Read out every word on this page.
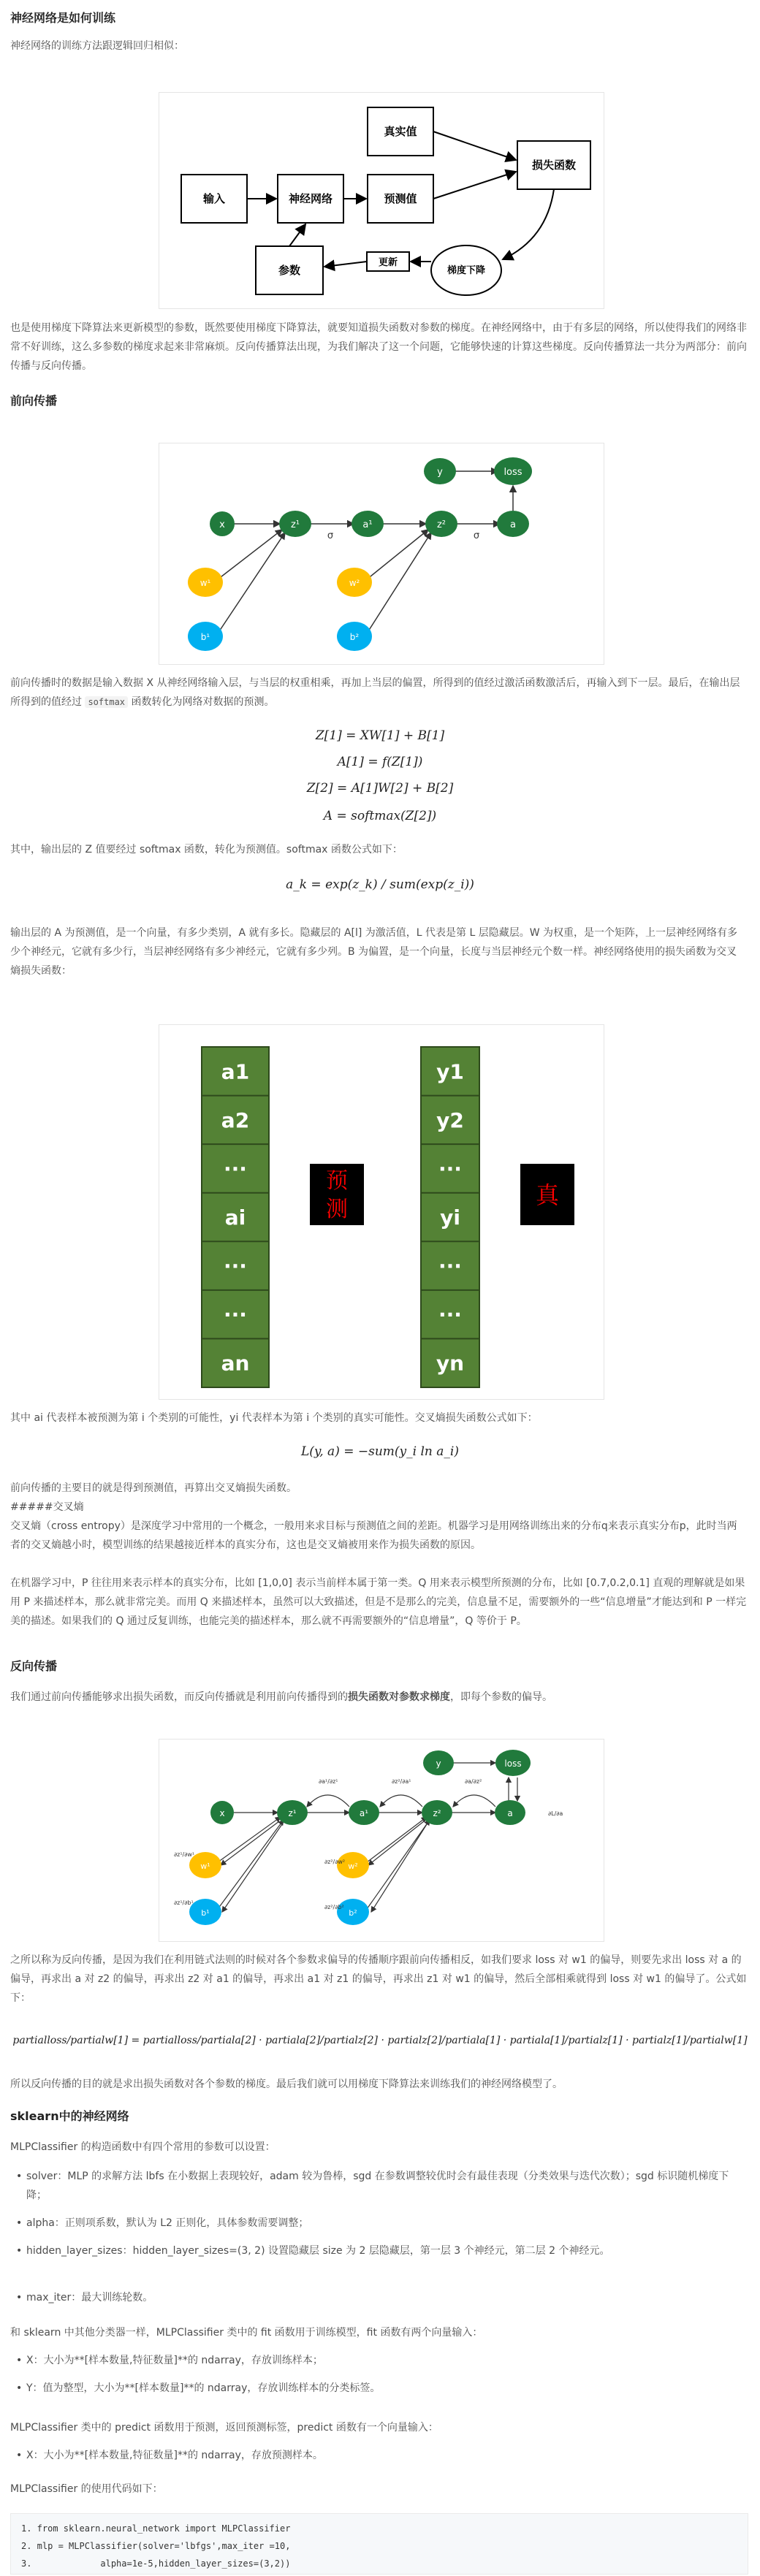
神经网络是如何训练
神经网络的训练方法跟逻辑回归相似：
输入	神经网络
真实值
预测值
损失函数
参数
更新
梯度下降
也是使用梯度下降算法来更新模型的参数，既然要使用梯度下降算法，就要知道损失函数对参数的梯度。在神经网络中，由于有多层的网络，所以使得我们的网络非常不好训练，这么多参数的梯度求起来非常麻烦。反向传播算法出现，为我们解决了这一个问题，它能够快速的计算这些梯度。反向传播算法一共分为两部分：前向传播与反向传播。
前向传播
x	z¹	a¹	z²	a
y	loss
w¹
b¹
w²
b²
σ	σ
前向传播时的数据是输入数据 X 从神经网络输入层，与当层的权重相乘，再加上当层的偏置，所得到的值经过激活函数激活后，再输入到下一层。最后，在输出层所得到的值经过 softmax 函数转化为网络对数据的预测。
Z[1] = XW[1] + B[1]
A[1] = f(Z[1])
Z[2] = A[1]W[2] + B[2]
A = softmax(Z[2])
其中，输出层的 Z 值要经过 softmax 函数，转化为预测值。softmax 函数公式如下：
a_k = exp(z_k) / sum(exp(z_i))
输出层的 A 为预测值，是一个向量，有多少类别，A 就有多长。隐藏层的 A[l] 为激活值，L 代表是第 L 层隐藏层。W 为权重，是一个矩阵，上一层神经网络有多少个神经元，它就有多少行，当层神经网络有多少神经元，它就有多少列。B 为偏置，是一个向量，长度与当层神经元个数一样。神经网络使用的损失函数为交叉熵损失函数：
a1
a2
···
ai
···
···
an
y1
y2
···
yi
···
···
yn
预
测
真
其中 ai 代表样本被预测为第 i 个类别的可能性，yi 代表样本为第 i 个类别的真实可能性。交叉熵损失函数公式如下：
L(y, a) = −sum(y_i ln a_i)
前向传播的主要目的就是得到预测值，再算出交叉熵损失函数。
#####交叉熵
交叉熵（cross entropy）是深度学习中常用的一个概念，一般用来求目标与预测值之间的差距。机器学习是用网络训练出来的分布q来表示真实分布p，此时当两者的交叉熵越小时，模型训练的结果越接近样本的真实分布，这也是交叉熵被用来作为损失函数的原因。
在机器学习中，P 往往用来表示样本的真实分布，比如 [1,0,0] 表示当前样本属于第一类。Q 用来表示模型所预测的分布，比如 [0.7,0.2,0.1] 直观的理解就是如果用 P 来描述样本，那么就非常完美。而用 Q 来描述样本，虽然可以大致描述，但是不是那么的完美，信息量不足，需要额外的一些“信息增量”才能达到和 P 一样完美的描述。如果我们的 Q 通过反复训练，也能完美的描述样本，那么就不再需要额外的“信息增量”，Q 等价于 P。
反向传播
我们通过前向传播能够求出损失函数，而反向传播就是利用前向传播得到的损失函数对参数求梯度，即每个参数的偏导。
x	z¹	a¹	z²	a
y	loss
w¹
b¹
w²
b²
∂L/∂a
∂a/∂z²
∂z²/∂a¹
∂a¹/∂z¹
∂z²/∂w²
∂z²/∂b²
∂z¹/∂w¹
∂z¹/∂b¹
之所以称为反向传播，是因为我们在利用链式法则的时候对各个参数求偏导的传播顺序跟前向传播相反，如我们要求 loss 对 w1 的偏导，则要先求出 loss 对 a 的偏导，再求出 a 对 z2 的偏导，再求出 z2 对 a1 的偏导，再求出 a1 对 z1 的偏导，再求出 z1 对 w1 的偏导，然后全部相乘就得到 loss 对 w1 的偏导了。公式如下：
partialloss/partialw[1] = partialloss/partiala[2] · partiala[2]/partialz[2] · partialz[2]/partiala[1] · partiala[1]/partialz[1] · partialz[1]/partialw[1]
所以反向传播的目的就是求出损失函数对各个参数的梯度。最后我们就可以用梯度下降算法来训练我们的神经网络模型了。
sklearn中的神经网络
MLPClassifier 的构造函数中有四个常用的参数可以设置：
• solver：MLP 的求解方法 lbfs 在小数据上表现较好，adam 较为鲁棒，sgd 在参数调整较优时会有最佳表现（分类效果与迭代次数）；sgd 标识随机梯度下降；
• alpha：正则项系数，默认为 L2 正则化，具体参数需要调整；
• hidden_layer_sizes：hidden_layer_sizes=(3, 2) 设置隐藏层 size 为 2 层隐藏层，第一层 3 个神经元，第二层 2 个神经元。
• max_iter：最大训练轮数。
和 sklearn 中其他分类器一样，MLPClassifier 类中的 fit 函数用于训练模型，fit 函数有两个向量输入：
• X：大小为**[样本数量,特征数量]**的 ndarray，存放训练样本；
• Y：值为整型，大小为**[样本数量]**的 ndarray，存放训练样本的分类标签。
MLPClassifier 类中的 predict 函数用于预测，返回预测标签，predict 函数有一个向量输入：
• X：大小为**[样本数量,特征数量]**的 ndarray，存放预测样本。
MLPClassifier 的使用代码如下：
1. from sklearn.neural_network import MLPClassifier
2. mlp = MLPClassifier(solver='lbfgs',max_iter =10,
3.             alpha=1e-5,hidden_layer_sizes=(3,2))
